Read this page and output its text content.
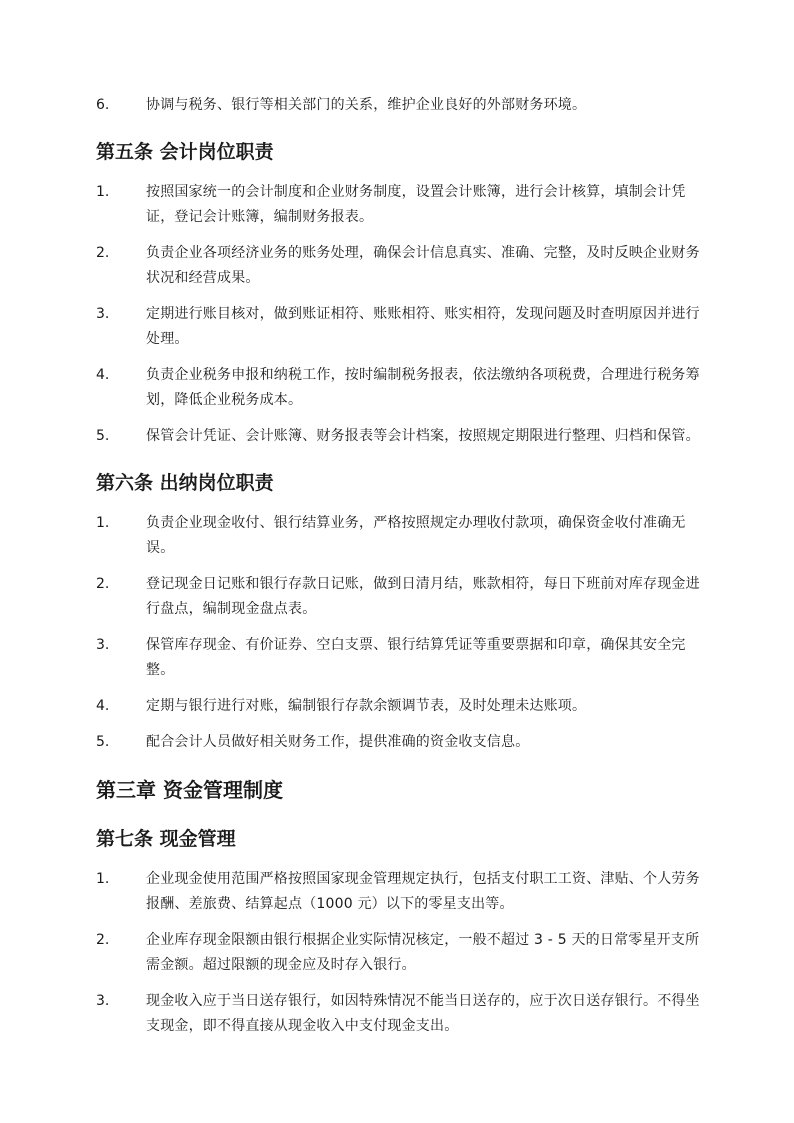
6.	协调与税务、银行等相关部门的关系，维护企业良好的外部财务环境。
第五条 会计岗位职责
1.	按照国家统一的会计制度和企业财务制度，设置会计账簿，进行会计核算，填制会计凭证，登记会计账簿，编制财务报表。
2.	负责企业各项经济业务的账务处理，确保会计信息真实、准确、完整，及时反映企业财务状况和经营成果。
3.	定期进行账目核对，做到账证相符、账账相符、账实相符，发现问题及时查明原因并进行处理。
4.	负责企业税务申报和纳税工作，按时编制税务报表，依法缴纳各项税费，合理进行税务筹划，降低企业税务成本。
5.	保管会计凭证、会计账簿、财务报表等会计档案，按照规定期限进行整理、归档和保管。
第六条 出纳岗位职责
1.	负责企业现金收付、银行结算业务，严格按照规定办理收付款项，确保资金收付准确无误。
2.	登记现金日记账和银行存款日记账，做到日清月结，账款相符，每日下班前对库存现金进行盘点，编制现金盘点表。
3.	保管库存现金、有价证券、空白支票、银行结算凭证等重要票据和印章，确保其安全完整。
4.	定期与银行进行对账，编制银行存款余额调节表，及时处理未达账项。
5.	配合会计人员做好相关财务工作，提供准确的资金收支信息。
第三章 资金管理制度
第七条 现金管理
1.	企业现金使用范围严格按照国家现金管理规定执行，包括支付职工工资、津贴、个人劳务报酬、差旅费、结算起点（1000 元）以下的零星支出等。
2.	企业库存现金限额由银行根据企业实际情况核定，一般不超过 3 - 5 天的日常零星开支所需金额。超过限额的现金应及时存入银行。
3.	现金收入应于当日送存银行，如因特殊情况不能当日送存的，应于次日送存银行。不得坐支现金，即不得直接从现金收入中支付现金支出。
